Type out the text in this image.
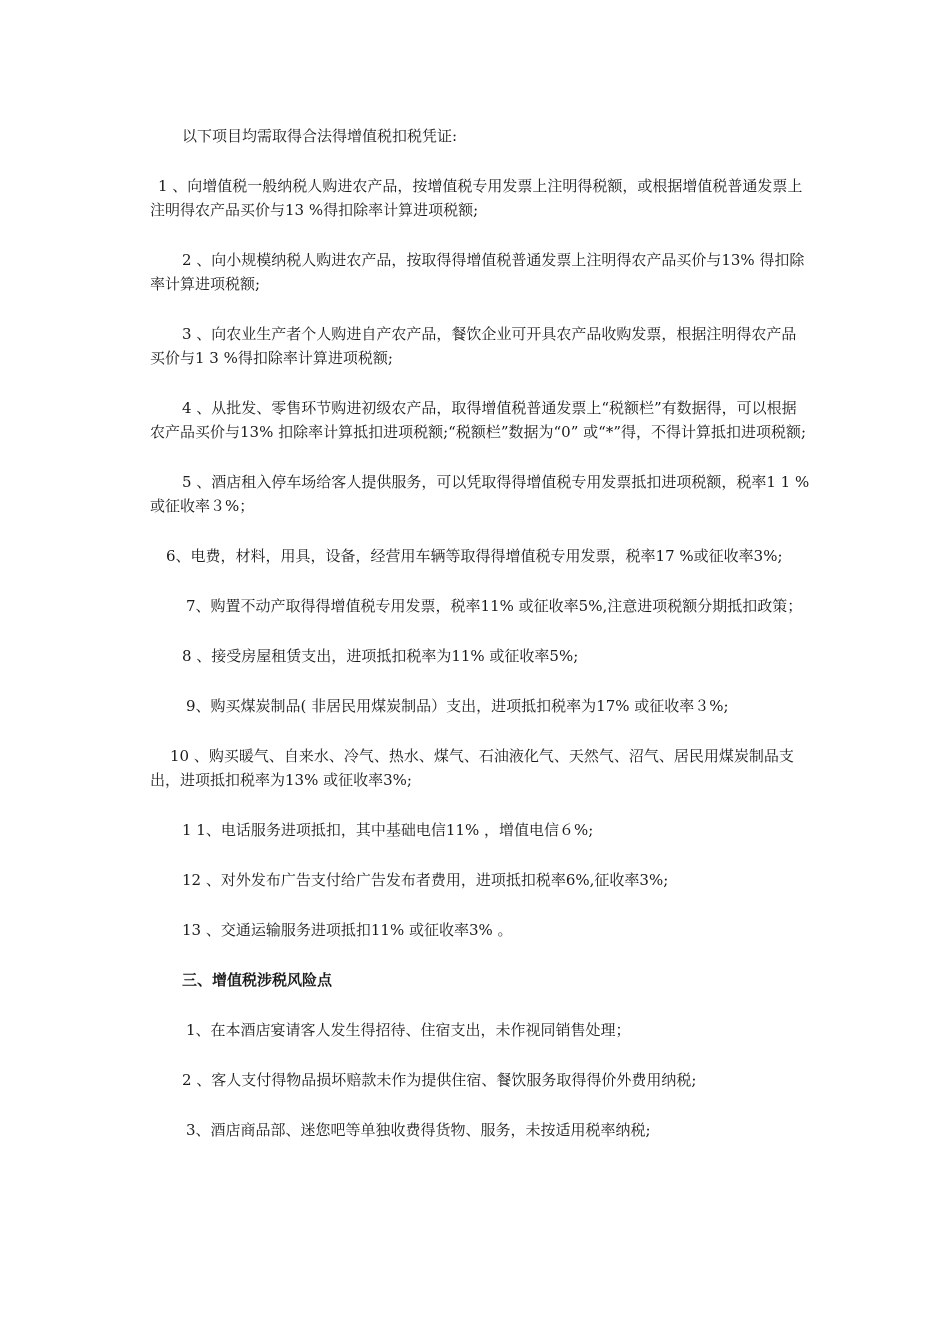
以下项目均需取得合法得增值税扣税凭证:

1 、向增值税一般纳税人购进农产品，按增值税专用发票上注明得税额，或根据增值税普通发票上注明得农产品买价与13 %得扣除率计算进项税额;

2 、向小规模纳税人购进农产品，按取得得增值税普通发票上注明得农产品买价与13% 得扣除率计算进项税额;

3 、向农业生产者个人购进自产农产品，餐饮企业可开具农产品收购发票，根据注明得农产品买价与1 3 %得扣除率计算进项税额;

4 、从批发、零售环节购进初级农产品，取得增值税普通发票上“税额栏”有数据得，可以根据农产品买价与13% 扣除率计算抵扣进项税额;“税额栏”数据为“0” 或“*”得，不得计算抵扣进项税额;

5 、酒店租入停车场给客人提供服务，可以凭取得得增值税专用发票抵扣进项税额，税率1 1 %或征收率３%；

6、电费，材料，用具，设备，经营用车辆等取得得增值税专用发票，税率17 %或征收率3%;

7、购置不动产取得得增值税专用发票，税率11% 或征收率5%,注意进项税额分期抵扣政策；

8 、接受房屋租赁支出，进项抵扣税率为11% 或征收率5%;

9、购买煤炭制品( 非居民用煤炭制品）支出，进项抵扣税率为17% 或征收率３%;

10 、购买暖气、自来水、冷气、热水、煤气、石油液化气、天然气、沼气、居民用煤炭制品支出，进项抵扣税率为13% 或征收率3%;

1 1、电话服务进项抵扣，其中基础电信11% ，增值电信６%;

12 、对外发布广告支付给广告发布者费用，进项抵扣税率6%,征收率3%;

13 、交通运输服务进项抵扣11% 或征收率3% 。

三、增值税涉税风险点

1、在本酒店宴请客人发生得招待、住宿支出，未作视同销售处理；

2 、客人支付得物品损坏赔款未作为提供住宿、餐饮服务取得得价外费用纳税;

3、酒店商品部、迷您吧等单独收费得货物、服务，未按适用税率纳税;
